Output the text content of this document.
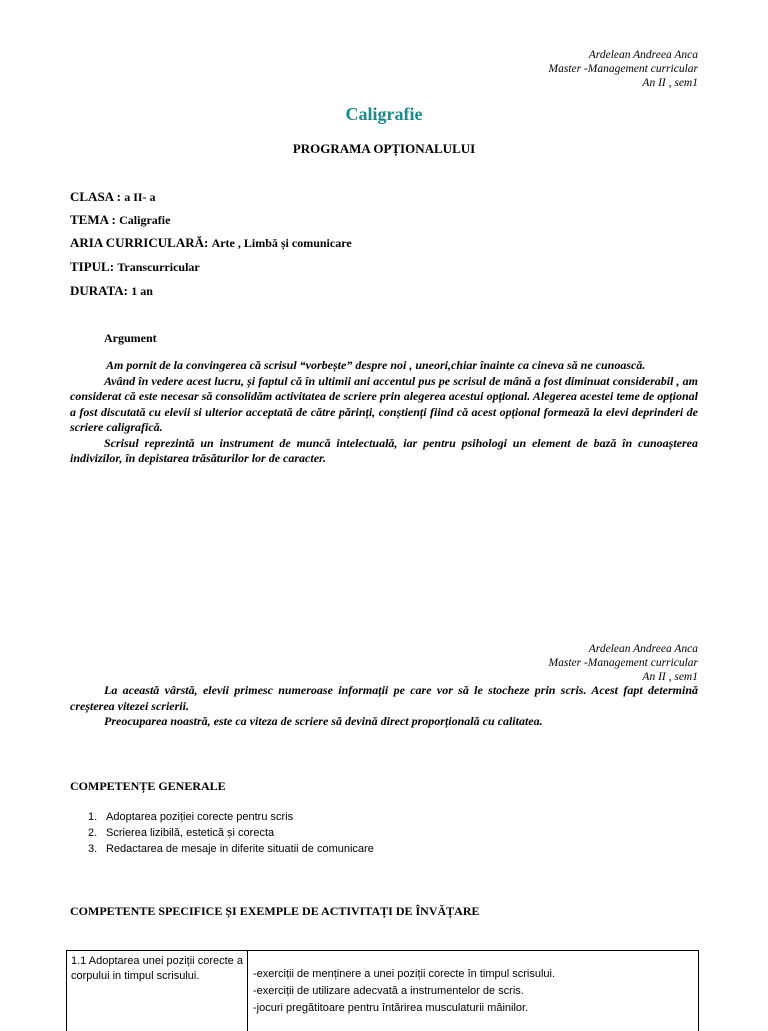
Ardelean Andreea Anca
Master -Management curricular
An II , sem1
Caligrafie
PROGRAMA OPȚIONALULUI
CLASA : a II- a
TEMA : Caligrafie
ARIA CURRICULARĂ: Arte , Limbă și comunicare
TIPUL: Transcurricular
DURATA: 1 an
Argument

Am pornit de la convingerea că scrisul “vorbește” despre noi , uneori,chiar înainte ca cineva să ne cunoască.

Având în vedere acest lucru, și faptul că în ultimii ani accentul pus pe scrisul de mână a fost diminuat considerabil , am considerat că este necesar să consolidăm activitatea de scriere prin alegerea acestui opțional. Alegerea acestei teme de opțional a fost discutată cu elevii si ulterior acceptată de către părinți, conștienți fiind că acest opțional formează la elevi deprinderi de scriere caligrafică.

Scrisul reprezintă un instrument de muncă intelectuală, iar pentru psihologi un element de bază în cunoașterea indivizilor, în depistarea trăsăturilor lor de caracter.

Ardelean Andreea Anca
Master -Management curricular
An II , sem1

La această vârstă, elevii primesc numeroase informații pe care vor să le stocheze prin scris. Acest fapt determină creșterea vitezei scrierii.

Preocuparea noastră, este ca viteza de scriere să devină direct proporțională cu calitatea.

COMPETENȚE GENERALE
1. Adoptarea poziției corecte pentru scris
2. Scrierea lizibilă, estetică și corecta
3. Redactarea de mesaje in diferite situatii de comunicare
COMPETENTE SPECIFICE ȘI EXEMPLE DE ACTIVITAȚI DE ÎNVĂȚARE
1.1 Adoptarea unei poziții corecte a corpului in timpul scrisului.	-exerciții de menținere a unei poziții corecte în timpul scrisului.
-exerciții de utilizare adecvată a instrumentelor de scris.
-jocuri pregătitoare pentru întărirea musculaturii mâinilor.
